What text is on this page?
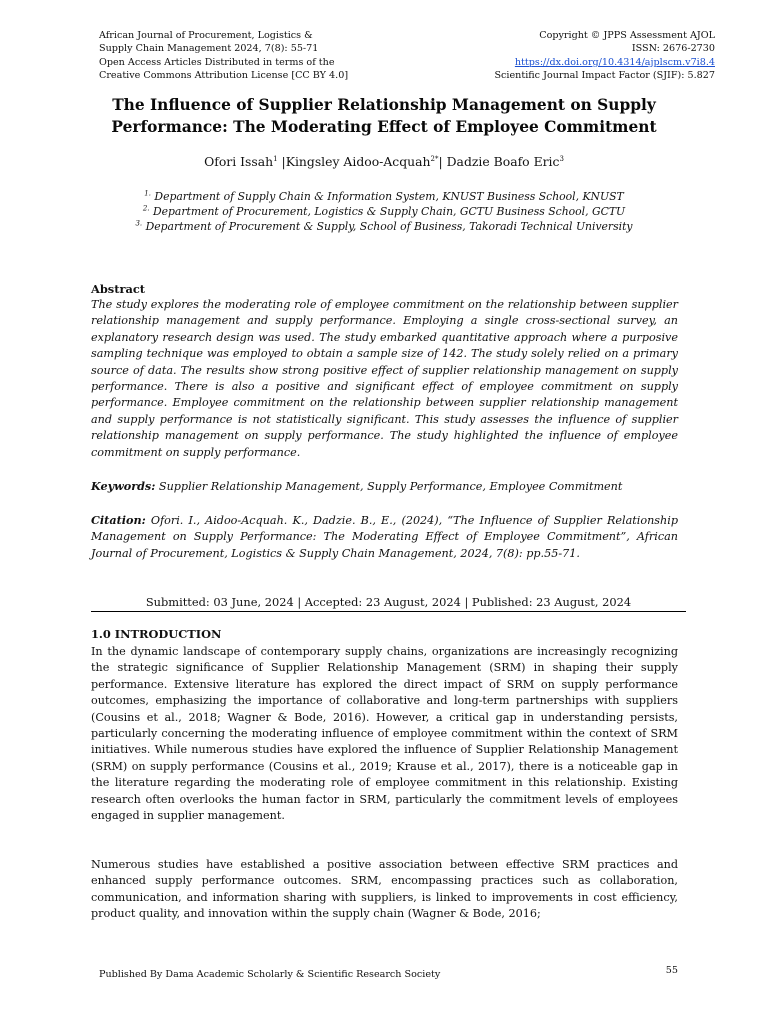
African Journal of Procurement, Logistics &
Supply Chain Management 2024, 7(8): 55-71
Open Access Articles Distributed in terms of the
Creative Commons Attribution License [CC BY 4.0]
Copyright © JPPS Assessment AJOL
ISSN: 2676-2730
https://dx.doi.org/10.4314/ajplscm.v7i8.4
Scientific Journal Impact Factor (SJIF): 5.827
The Influence of Supplier Relationship Management on Supply
Performance: The Moderating Effect of Employee Commitment
Ofori Issah$^1$ |Kingsley Aidoo-Acquah$^{2*}$| Dadzie Boafo Eric$^3$
$^{1.}$ Department of Supply Chain & Information System, KNUST Business School, KNUST
$^{2.}$ Department of Procurement, Logistics & Supply Chain, GCTU Business School, GCTU
$^{3.}$ Department of Procurement & Supply, School of Business, Takoradi Technical University
Abstract
The study explores the moderating role of employee commitment on the relationship between supplier relationship management and supply performance. Employing a single cross-sectional survey, an explanatory research design was used. The study embarked quantitative approach where a purposive sampling technique was employed to obtain a sample size of 142. The study solely relied on a primary source of data. The results show strong positive effect of supplier relationship management on supply performance. There is also a positive and significant effect of employee commitment on supply performance. Employee commitment on the relationship between supplier relationship management and supply performance is not statistically significant. This study assesses the influence of supplier relationship management on supply performance. The study highlighted the influence of employee commitment on supply performance.
Keywords: Supplier Relationship Management, Supply Performance, Employee Commitment
Citation: Ofori. I., Aidoo-Acquah. K., Dadzie. B., E., (2024), “The Influence of Supplier Relationship Management on Supply Performance: The Moderating Effect of Employee Commitment”, African Journal of Procurement, Logistics & Supply Chain Management, 2024, 7(8): pp.55-71.
Submitted: 03 June, 2024 | Accepted: 23 August, 2024 | Published: 23 August, 2024
1.0 INTRODUCTION
In the dynamic landscape of contemporary supply chains, organizations are increasingly recognizing the strategic significance of Supplier Relationship Management (SRM) in shaping their supply performance. Extensive literature has explored the direct impact of SRM on supply performance outcomes, emphasizing the importance of collaborative and long-term partnerships with suppliers (Cousins et al., 2018; Wagner & Bode, 2016). However, a critical gap in understanding persists, particularly concerning the moderating influence of employee commitment within the context of SRM initiatives. While numerous studies have explored the influence of Supplier Relationship Management (SRM) on supply performance (Cousins et al., 2019; Krause et al., 2017), there is a noticeable gap in the literature regarding the moderating role of employee commitment in this relationship. Existing research often overlooks the human factor in SRM, particularly the commitment levels of employees engaged in supplier management.
Numerous studies have established a positive association between effective SRM practices and enhanced supply performance outcomes. SRM, encompassing practices such as collaboration, communication, and information sharing with suppliers, is linked to improvements in cost efficiency, product quality, and innovation within the supply chain (Wagner & Bode, 2016;
Published By Dama Academic Scholarly & Scientific Research Society	55
